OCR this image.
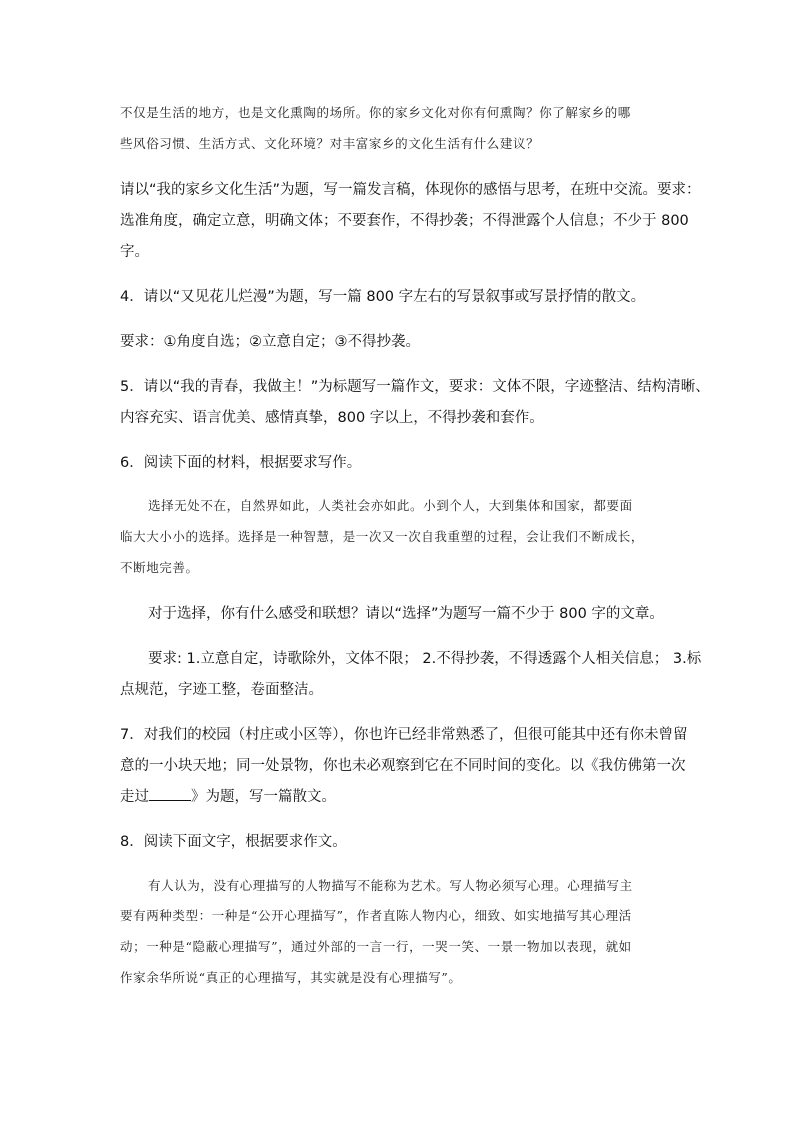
不仅是生活的地方，也是文化熏陶的场所。你的家乡文化对你有何熏陶？你了解家乡的哪

些风俗习惯、生活方式、文化环境？对丰富家乡的文化生活有什么建议？

请以“我的家乡文化生活”为题，写一篇发言稿，体现你的感悟与思考，在班中交流。要求：

选准角度，确定立意，明确文体；不要套作，不得抄袭；不得泄露个人信息；不少于 800

字。

4．请以“又见花儿烂漫”为题，写一篇 800 字左右的写景叙事或写景抒情的散文。

要求：①角度自选；②立意自定；③不得抄袭。

5．请以“我的青春，我做主！”为标题写一篇作文，要求：文体不限，字迹整洁、结构清晰、

内容充实、语言优美、感情真挚，800 字以上，不得抄袭和套作。

6．阅读下面的材料，根据要求写作。

选择无处不在，自然界如此，人类社会亦如此。小到个人，大到集体和国家，都要面

临大大小小的选择。选择是一种智慧，是一次又一次自我重塑的过程，会让我们不断成长，

不断地完善。

对于选择，你有什么感受和联想？请以“选择”为题写一篇不少于 800 字的文章。

要求: 1.立意自定，诗歌除外，文体不限； 2.不得抄袭，不得透露个人相关信息； 3.标

点规范，字迹工整，卷面整洁。

7．对我们的校园（村庄或小区等），你也许已经非常熟悉了，但很可能其中还有你未曾留

意的一小块天地；同一处景物，你也未必观察到它在不同时间的变化。以《我仿佛第一次

走过	》为题，写一篇散文。

8．阅读下面文字，根据要求作文。

有人认为，没有心理描写的人物描写不能称为艺术。写人物必须写心理。心理描写主

要有两种类型：一种是“公开心理描写”，作者直陈人物内心，细致、如实地描写其心理活

动；一种是“隐蔽心理描写”，通过外部的一言一行，一哭一笑、一景一物加以表现，就如

作家余华所说“真正的心理描写，其实就是没有心理描写”。
